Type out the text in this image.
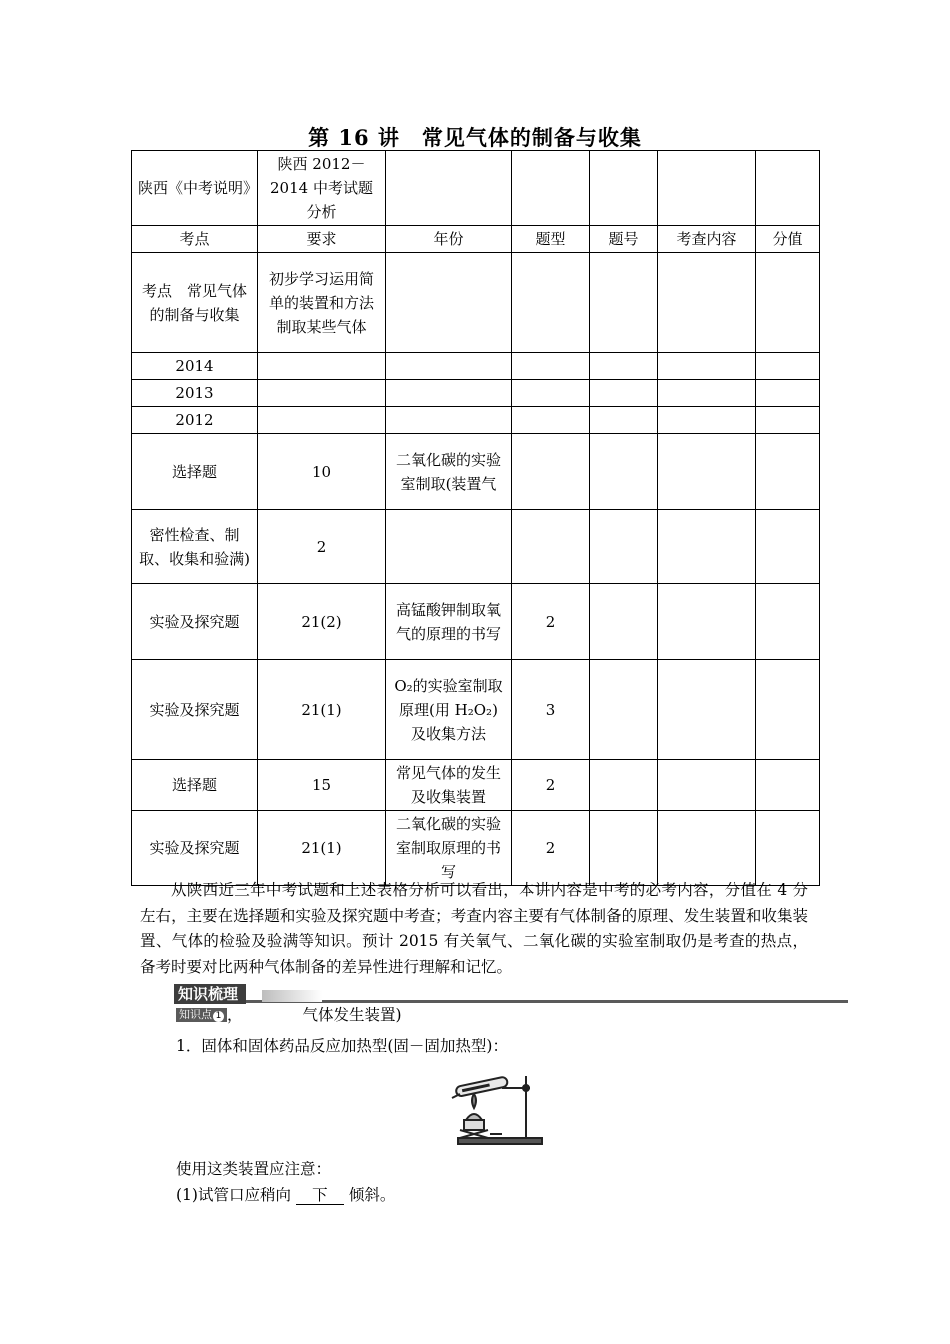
第 16 讲　常见气体的制备与收集
陕西《中考说明》	陕西 2012－2014 中考试题分析					
考点	要求	年份	题型	题号	考查内容	分值
考点　常见气体的制备与收集	初步学习运用简单的装置和方法制取某些气体					
2014						
2013						
2012						
选择题	10	二氧化碳的实验室制取(装置气				
密性检查、制取、收集和验满)	2					
实验及探究题	21(2)	高锰酸钾制取氧气的原理的书写	2			
实验及探究题	21(1)	O₂的实验室制取原理(用 H₂O₂)及收集方法	3			
选择题	15	常见气体的发生及收集装置	2			
实验及探究题	21(1)	二氧化碳的实验室制取原理的书写	2			
从陕西近三年中考试题和上述表格分析可以看出，本讲内容是中考的必考内容，分值在 4 分左右，主要在选择题和实验及探究题中考查；考查内容主要有气体制备的原理、发生装置和收集装置、气体的检验及验满等知识。预计 2015 有关氧气、二氧化碳的实验室制取仍是考查的热点，备考时要对比两种气体制备的差异性进行理解和记忆。
知识梳理
知识点 1 ，	气体发生装置)
1．固体和固体药品反应加热型(固－固加热型)：
使用这类装置应注意：
(1)试管口应稍向 下 倾斜。
